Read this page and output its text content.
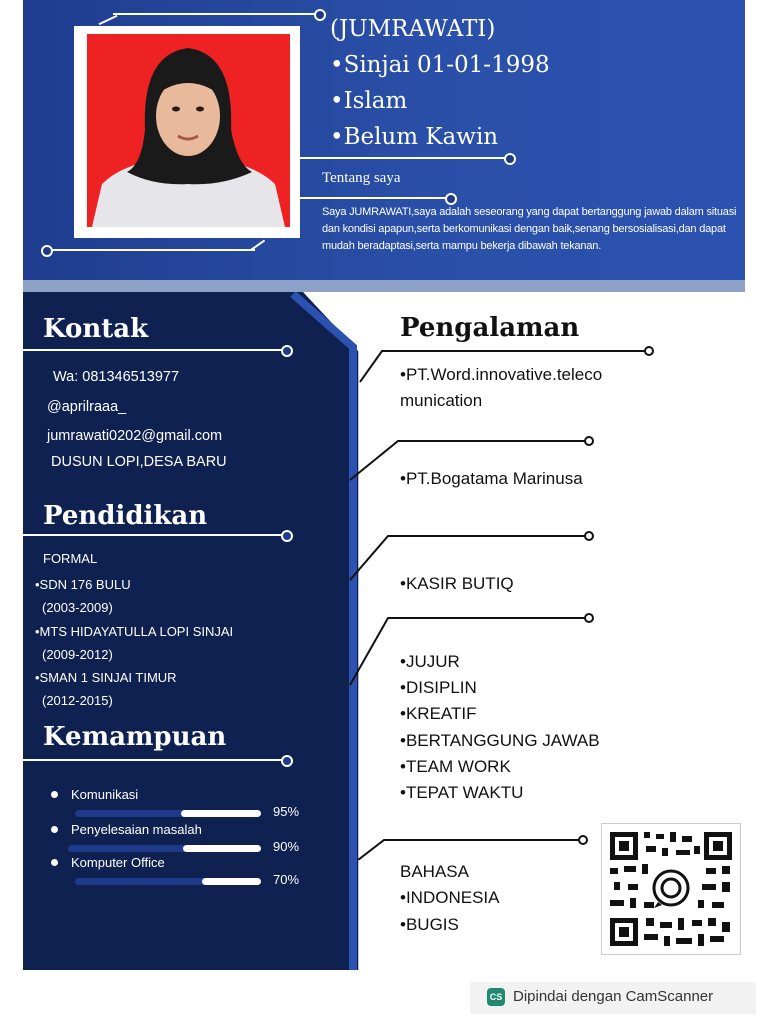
(JUMRAWATI)
•Sinjai 01-01-1998
•Islam
•Belum Kawin
Tentang saya
Saya JUMRAWATI,saya adalah seseorang yang dapat bertanggung jawab dalam situasi dan kondisi apapun,serta berkomunikasi dengan baik,senang bersosialisasi,dan dapat mudah beradaptasi,serta mampu bekerja dibawah tekanan.
Kontak
Wa: 081346513977
@aprilraaa_
jumrawati0202@gmail.com
DUSUN LOPI,DESA BARU
Pendidikan
FORMAL
•SDN 176 BULU
(2003-2009)
•MTS HIDAYATULLA LOPI SINJAI
(2009-2012)
•SMAN 1 SINJAI TIMUR
(2012-2015)
Kemampuan
Komunikasi
95%
Penyelesaian masalah
90%
Komputer Office
70%
Pengalaman
•PT.Word.innovative.teleco
munication
•PT.Bogatama Marinusa
•KASIR BUTIQ
•JUJUR
•DISIPLIN
•KREATIF
•BERTANGGUNG JAWAB
•TEAM WORK
•TEPAT WAKTU
BAHASA
•INDONESIA
•BUGIS
CS Dipindai dengan CamScanner
